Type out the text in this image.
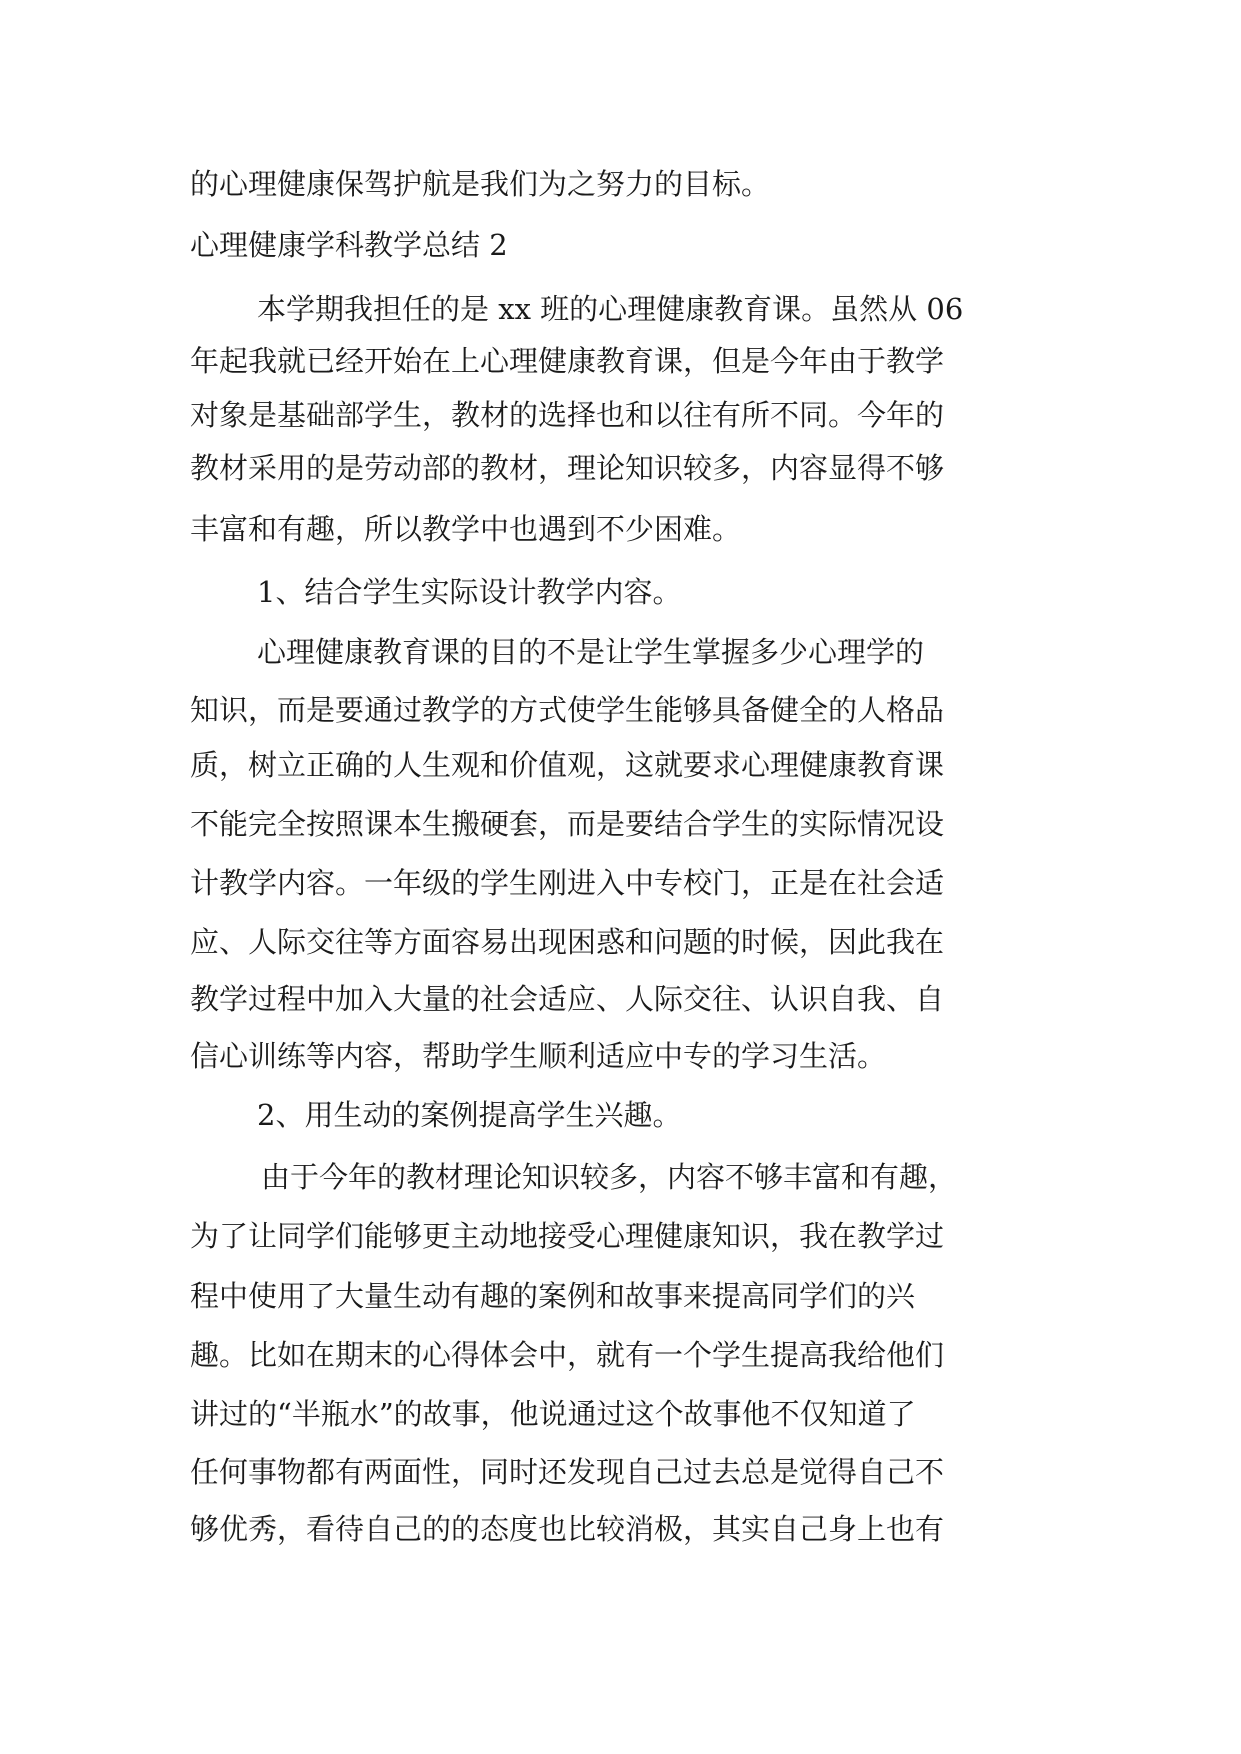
的心理健康保驾护航是我们为之努力的目标。

心理健康学科教学总结 2

本学期我担任的是 xx 班的心理健康教育课。虽然从 06

年起我就已经开始在上心理健康教育课，但是今年由于教学

对象是基础部学生，教材的选择也和以往有所不同。今年的

教材采用的是劳动部的教材，理论知识较多，内容显得不够

丰富和有趣，所以教学中也遇到不少困难。

1、结合学生实际设计教学内容。

心理健康教育课的目的不是让学生掌握多少心理学的

知识，而是要通过教学的方式使学生能够具备健全的人格品

质，树立正确的人生观和价值观，这就要求心理健康教育课

不能完全按照课本生搬硬套，而是要结合学生的实际情况设

计教学内容。一年级的学生刚进入中专校门，正是在社会适

应、人际交往等方面容易出现困惑和问题的时候，因此我在

教学过程中加入大量的社会适应、人际交往、认识自我、自

信心训练等内容，帮助学生顺利适应中专的学习生活。

2、用生动的案例提高学生兴趣。

由于今年的教材理论知识较多，内容不够丰富和有趣，

为了让同学们能够更主动地接受心理健康知识，我在教学过

程中使用了大量生动有趣的案例和故事来提高同学们的兴

趣。比如在期末的心得体会中，就有一个学生提高我给他们

讲过的“半瓶水”的故事，他说通过这个故事他不仅知道了

任何事物都有两面性，同时还发现自己过去总是觉得自己不

够优秀，看待自己的的态度也比较消极，其实自己身上也有
